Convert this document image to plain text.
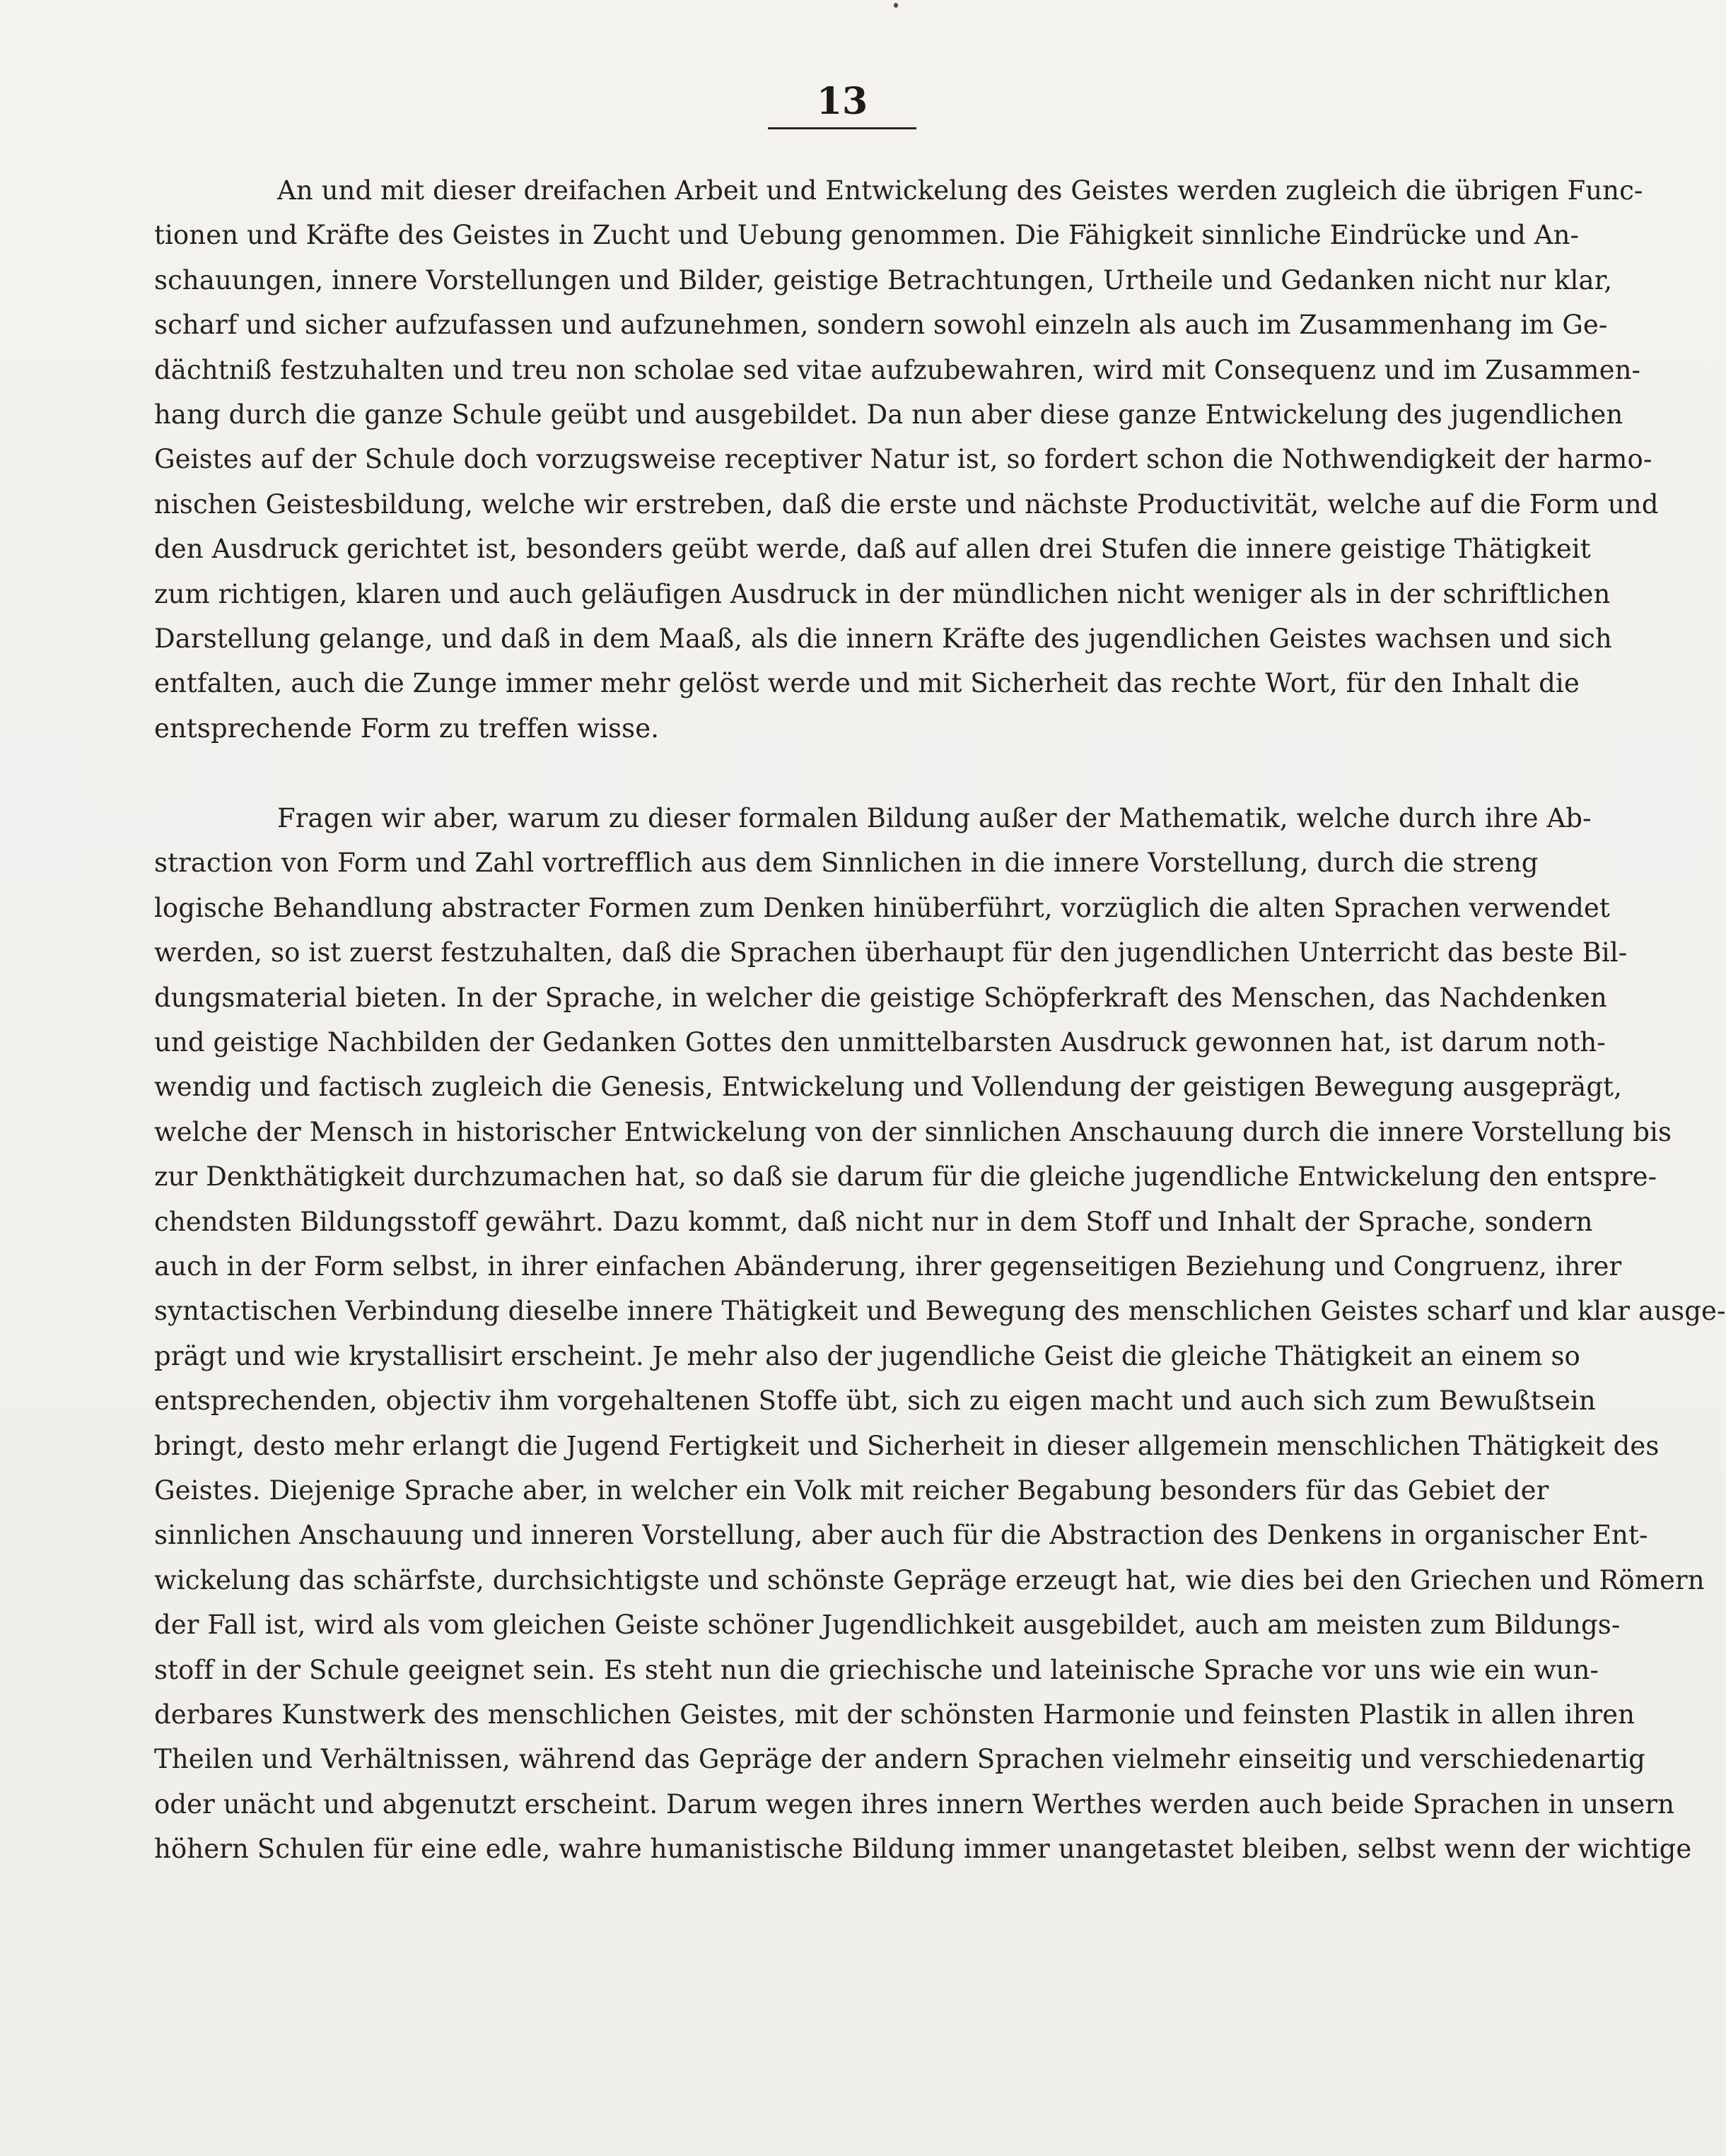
13

An und mit dieser dreifachen Arbeit und Entwickelung des Geistes werden zugleich die übrigen Func-
tionen und Kräfte des Geistes in Zucht und Uebung genommen. Die Fähigkeit sinnliche Eindrücke und An-
schauungen, innere Vorstellungen und Bilder, geistige Betrachtungen, Urtheile und Gedanken nicht nur klar,
scharf und sicher aufzufassen und aufzunehmen, sondern sowohl einzeln als auch im Zusammenhang im Ge-
dächtniß festzuhalten und treu non scholae sed vitae aufzubewahren, wird mit Consequenz und im Zusammen-
hang durch die ganze Schule geübt und ausgebildet. Da nun aber diese ganze Entwickelung des jugendlichen
Geistes auf der Schule doch vorzugsweise receptiver Natur ist, so fordert schon die Nothwendigkeit der harmo-
nischen Geistesbildung, welche wir erstreben, daß die erste und nächste Productivität, welche auf die Form und
den Ausdruck gerichtet ist, besonders geübt werde, daß auf allen drei Stufen die innere geistige Thätigkeit
zum richtigen, klaren und auch geläufigen Ausdruck in der mündlichen nicht weniger als in der schriftlichen
Darstellung gelange, und daß in dem Maaß, als die innern Kräfte des jugendlichen Geistes wachsen und sich
entfalten, auch die Zunge immer mehr gelöst werde und mit Sicherheit das rechte Wort, für den Inhalt die
entsprechende Form zu treffen wisse.

Fragen wir aber, warum zu dieser formalen Bildung außer der Mathematik, welche durch ihre Ab-
straction von Form und Zahl vortrefflich aus dem Sinnlichen in die innere Vorstellung, durch die streng
logische Behandlung abstracter Formen zum Denken hinüberführt, vorzüglich die alten Sprachen verwendet
werden, so ist zuerst festzuhalten, daß die Sprachen überhaupt für den jugendlichen Unterricht das beste Bil-
dungsmaterial bieten. In der Sprache, in welcher die geistige Schöpferkraft des Menschen, das Nachdenken
und geistige Nachbilden der Gedanken Gottes den unmittelbarsten Ausdruck gewonnen hat, ist darum noth-
wendig und factisch zugleich die Genesis, Entwickelung und Vollendung der geistigen Bewegung ausgeprägt,
welche der Mensch in historischer Entwickelung von der sinnlichen Anschauung durch die innere Vorstellung bis
zur Denkthätigkeit durchzumachen hat, so daß sie darum für die gleiche jugendliche Entwickelung den entspre-
chendsten Bildungsstoff gewährt. Dazu kommt, daß nicht nur in dem Stoff und Inhalt der Sprache, sondern
auch in der Form selbst, in ihrer einfachen Abänderung, ihrer gegenseitigen Beziehung und Congruenz, ihrer
syntactischen Verbindung dieselbe innere Thätigkeit und Bewegung des menschlichen Geistes scharf und klar ausge-
prägt und wie krystallisirt erscheint. Je mehr also der jugendliche Geist die gleiche Thätigkeit an einem so
entsprechenden, objectiv ihm vorgehaltenen Stoffe übt, sich zu eigen macht und auch sich zum Bewußtsein
bringt, desto mehr erlangt die Jugend Fertigkeit und Sicherheit in dieser allgemein menschlichen Thätigkeit des
Geistes. Diejenige Sprache aber, in welcher ein Volk mit reicher Begabung besonders für das Gebiet der
sinnlichen Anschauung und inneren Vorstellung, aber auch für die Abstraction des Denkens in organischer Ent-
wickelung das schärfste, durchsichtigste und schönste Gepräge erzeugt hat, wie dies bei den Griechen und Römern
der Fall ist, wird als vom gleichen Geiste schöner Jugendlichkeit ausgebildet, auch am meisten zum Bildungs-
stoff in der Schule geeignet sein. Es steht nun die griechische und lateinische Sprache vor uns wie ein wun-
derbares Kunstwerk des menschlichen Geistes, mit der schönsten Harmonie und feinsten Plastik in allen ihren
Theilen und Verhältnissen, während das Gepräge der andern Sprachen vielmehr einseitig und verschiedenartig
oder unächt und abgenutzt erscheint. Darum wegen ihres innern Werthes werden auch beide Sprachen in unsern
höhern Schulen für eine edle, wahre humanistische Bildung immer unangetastet bleiben, selbst wenn der wichtige
